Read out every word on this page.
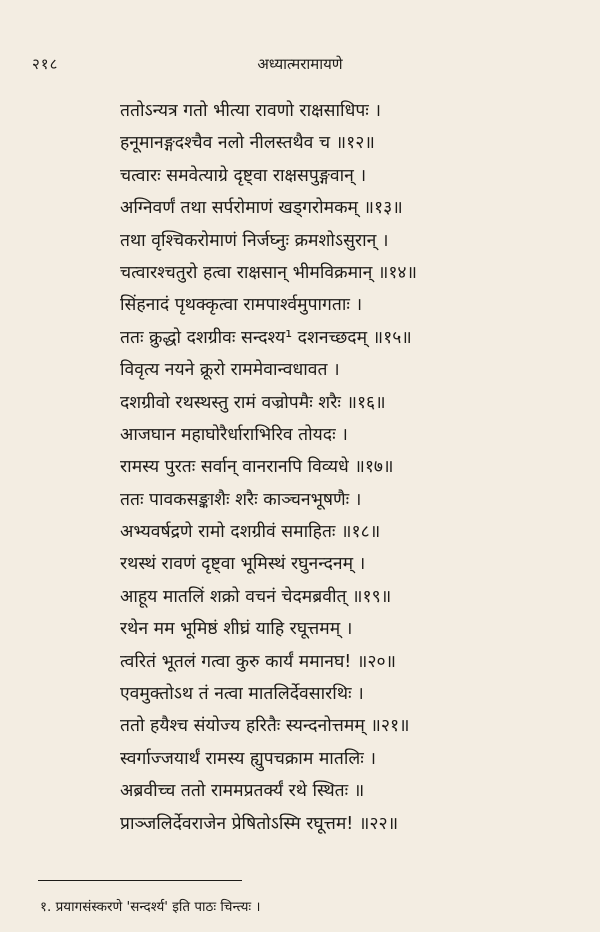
२१८	अध्यात्मरामायणे
ततोऽन्यत्र गतो भीत्या रावणो राक्षसाधिपः ।
हनूमानङ्गदश्चैव नलो नीलस्तथैव च ॥१२॥
चत्वारः समवेत्याग्रे दृष्ट्वा राक्षसपुङ्गवान् ।
अग्निवर्णं तथा सर्परोमाणं खड्गरोमकम् ॥१३॥
तथा वृश्चिकरोमाणं निर्जघ्नुः क्रमशोऽसुरान् ।
चत्वारश्चतुरो हत्वा राक्षसान् भीमविक्रमान् ॥१४॥
सिंहनादं पृथक्कृत्वा रामपार्श्वमुपागताः ।
ततः क्रुद्धो दशग्रीवः सन्दश्य¹ दशनच्छदम् ॥१५॥
विवृत्य नयने क्रूरो राममेवान्वधावत ।
दशग्रीवो रथस्थस्तु रामं वज्रोपमैः शरैः ॥१६॥
आजघान महाघोरैर्धाराभिरिव तोयदः ।
रामस्य पुरतः सर्वान् वानरानपि विव्यधे ॥१७॥
ततः पावकसङ्काशैः शरैः काञ्चनभूषणैः ।
अभ्यवर्षद्रणे रामो दशग्रीवं समाहितः ॥१८॥
रथस्थं रावणं दृष्ट्वा भूमिस्थं रघुनन्दनम् ।
आहूय मातलिं शक्रो वचनं चेदमब्रवीत् ॥१९॥
रथेन मम भूमिष्ठं शीघ्रं याहि रघूत्तमम् ।
त्वरितं भूतलं गत्वा कुरु कार्यं ममानघ! ॥२०॥
एवमुक्तोऽथ तं नत्वा मातलिर्देवसारथिः ।
ततो हयैश्च संयोज्य हरितैः स्यन्दनोत्तमम् ॥२१॥
स्वर्गाज्जयार्थं रामस्य ह्युपचक्राम मातलिः ।
अब्रवीच्च ततो राममप्रतर्क्यं रथे स्थितः ॥
प्राञ्जलिर्देवराजेन प्रेषितोऽस्मि रघूत्तम! ॥२२॥
१. प्रयागसंस्करणे 'सन्दर्श्य' इति पाठः चिन्त्यः ।
